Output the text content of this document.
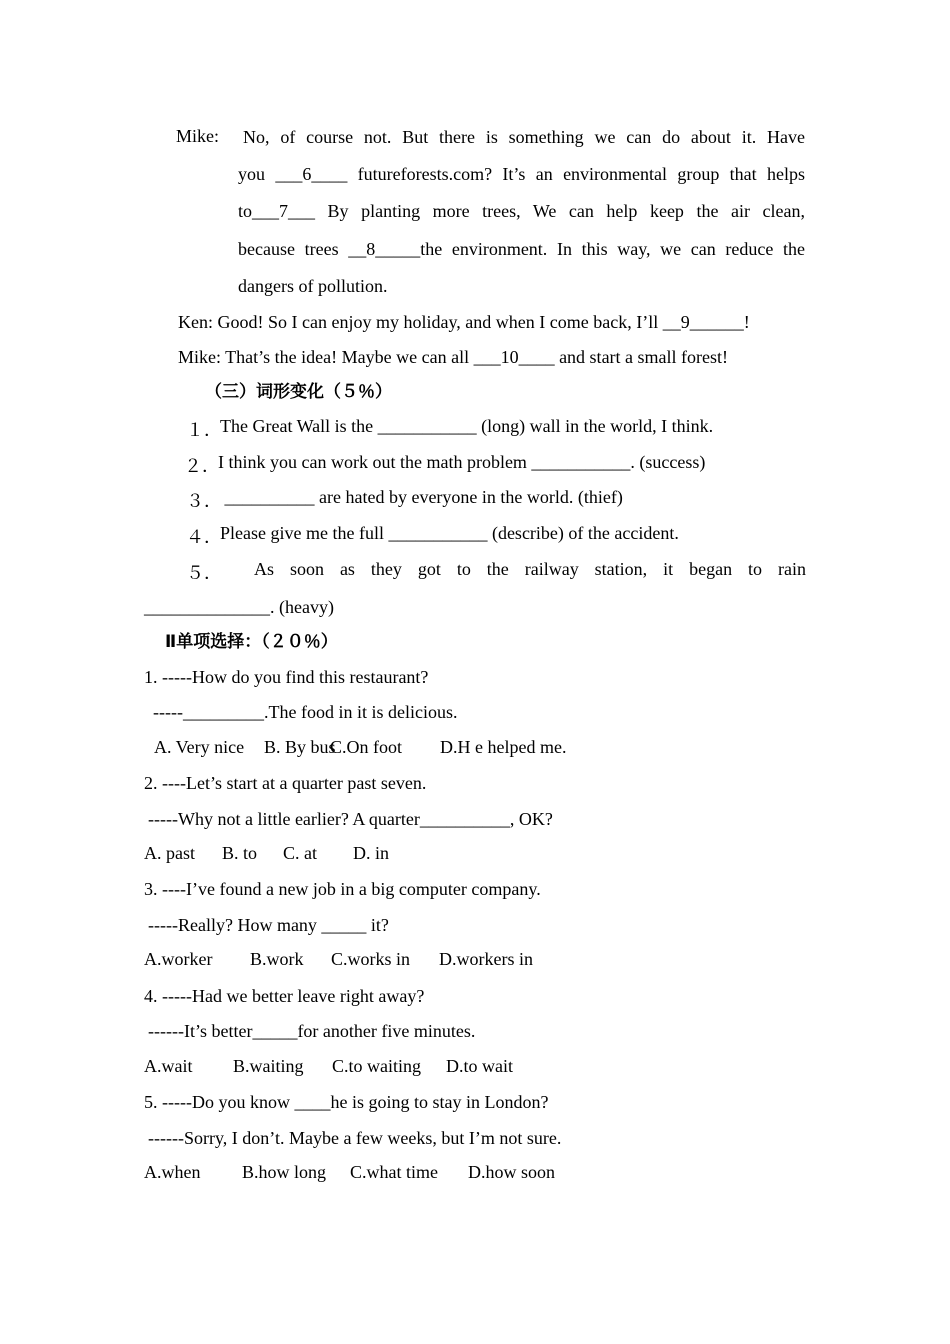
Mike: No, of course not. But there is something we can do about it. Have
you ___6____ futureforests.com? It’s an environmental group that helps
to___7___ By planting more trees, We can help keep the air clean,
because trees __8_____the environment. In this way, we can reduce the
dangers of pollution.
Ken: Good! So I can enjoy my holiday, and when I come back, I’ll __9______!
Mike: That’s the idea! Maybe we can all ___10____ and start a small forest!
（三）词形变化（５％）
１．
The Great Wall is the ___________ (long) wall in the world, I think.
２．
I think you can work out the math problem ___________. (success)
３．
__________ are hated by everyone in the world. (thief)
４．
Please give me the full ___________ (describe) of the accident.
５．	As soon as they got to the railway station, it began to rain
______________. (heavy)
Ⅱ单项选择：（２０％）
1. -----How do you find this restaurant?
-----_________.The food in it is delicious.
A. Very nice	B. By bus
C.On foot	D.H e helped me.
2. ----Let’s start at a quarter past seven.
-----Why not a little earlier? A quarter__________, OK?
A. past	B. to	C. at	D. in
3. ----I’ve found a new job in a big computer company.
-----Really? How many _____ it?
A.worker	B.work	C.works in	D.workers in
4. -----Had we better leave right away?
------It’s better_____for another five minutes.
A.wait	B.waiting	C.to waiting	D.to wait
5. -----Do you know ____he is going to stay in London?
------Sorry, I don’t. Maybe a few weeks, but I’m not sure.
A.when	B.how long	C.what time	D.how soon
